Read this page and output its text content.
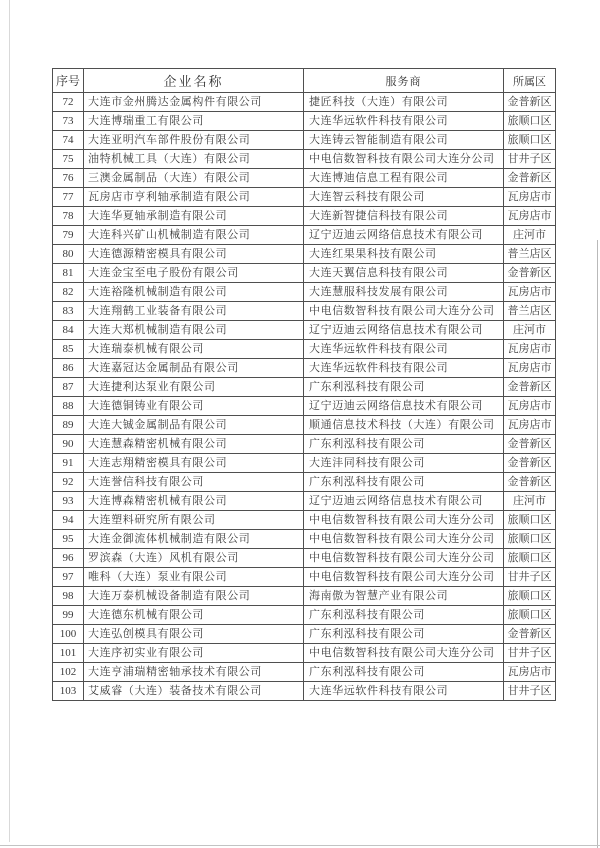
序号	企业名称	服务商	所属区
72	大连市金州腾达金属构件有限公司	捷匠科技（大连）有限公司	金普新区
73	大连博瑞重工有限公司	大连华远软件科技有限公司	旅顺口区
74	大连亚明汽车部件股份有限公司	大连铸云智能制造有限公司	旅顺口区
75	油特机械工具（大连）有限公司	中电信数智科技有限公司大连分公司	甘井子区
76	三澳金属制品（大连）有限公司	大连博迪信息工程有限公司	金普新区
77	瓦房店市亨利轴承制造有限公司	大连智云科技有限公司	瓦房店市
78	大连华夏轴承制造有限公司	大连新智捷信科技有限公司	瓦房店市
79	大连科兴矿山机械制造有限公司	辽宁迈迪云网络信息技术有限公司	庄河市
80	大连德源精密模具有限公司	大连红果果科技有限公司	普兰店区
81	大连金宝至电子股份有限公司	大连天翼信息科技有限公司	金普新区
82	大连裕隆机械制造有限公司	大连慧服科技发展有限公司	瓦房店市
83	大连翔鹤工业装备有限公司	中电信数智科技有限公司大连分公司	普兰店区
84	大连大郑机械制造有限公司	辽宁迈迪云网络信息技术有限公司	庄河市
85	大连瑞泰机械有限公司	大连华远软件科技有限公司	瓦房店市
86	大连嘉冠达金属制品有限公司	大连华远软件科技有限公司	瓦房店市
87	大连捷利达泵业有限公司	广东利泓科技有限公司	金普新区
88	大连德铜铸业有限公司	辽宁迈迪云网络信息技术有限公司	瓦房店市
89	大连大铖金属制品有限公司	顺通信息技术科技（大连）有限公司	瓦房店市
90	大连慧森精密机械有限公司	广东利泓科技有限公司	金普新区
91	大连志翔精密模具有限公司	大连沣同科技有限公司	金普新区
92	大连誉信科技有限公司	广东利泓科技有限公司	金普新区
93	大连博森精密机械有限公司	辽宁迈迪云网络信息技术有限公司	庄河市
94	大连塑料研究所有限公司	中电信数智科技有限公司大连分公司	旅顺口区
95	大连金御流体机械制造有限公司	中电信数智科技有限公司大连分公司	旅顺口区
96	罗滨森（大连）风机有限公司	中电信数智科技有限公司大连分公司	旅顺口区
97	唯科（大连）泵业有限公司	中电信数智科技有限公司大连分公司	甘井子区
98	大连万泰机械设备制造有限公司	海南傲为智慧产业有限公司	旅顺口区
99	大连德东机械有限公司	广东利泓科技有限公司	旅顺口区
100	大连弘创模具有限公司	广东利泓科技有限公司	金普新区
101	大连序初实业有限公司	中电信数智科技有限公司大连分公司	甘井子区
102	大连亨浦瑞精密轴承技术有限公司	广东利泓科技有限公司	瓦房店市
103	艾威睿（大连）装备技术有限公司	大连华远软件科技有限公司	甘井子区
